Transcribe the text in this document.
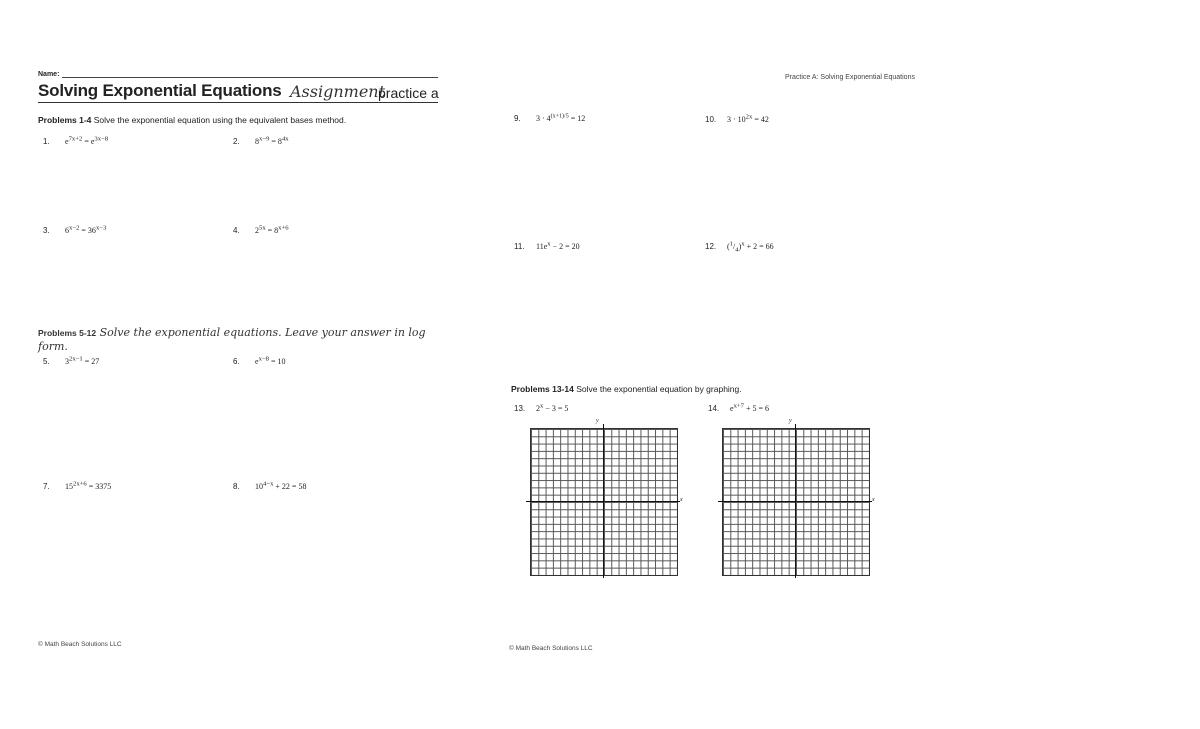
Name:
Solving Exponential Equations Assignment
practice a
Practice A: Solving Exponential Equations
Problems 1-4 Solve the exponential equation using the equivalent bases method.
1. $e^{7x+2} = e^{3x-8}$	2. $8^{x-9} = 8^{4x}$
3. $6^{x-2} = 36^{x-3}$	4. $2^{5x} = 8^{x+6}$
Problems 5-12 Solve the exponential equations. Leave your answer in log form.
5. $3^{2x-1} = 27$	6. $e^{x-8} = 10$
7. $15^{2x+6} = 3375$	8. $10^{4-x} + 22 = 58$
9. $3 \cdot 4^{(x+1)/5} = 12$	10. $3 \cdot 10^{2x} = 42$
11. $11e^x - 2 = 20$	12. $(^1/_4)^x + 2 = 66$
Problems 13-14 Solve the exponential equation by graphing.
13. $2^x - 3 = 5$	14. $e^{x+7} + 5 = 6$
y
x
y
x
© Math Beach Solutions LLC
© Math Beach Solutions LLC
